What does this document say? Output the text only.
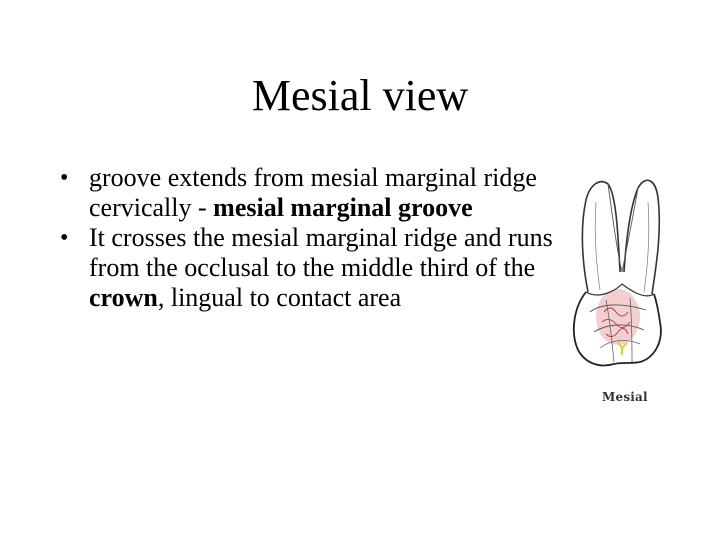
Mesial view
• groove extends from mesial marginal ridge cervically - mesial marginal groove
• It crosses the mesial marginal ridge and runs from the occlusal to the middle third of the crown, lingual to contact area
Mesial
